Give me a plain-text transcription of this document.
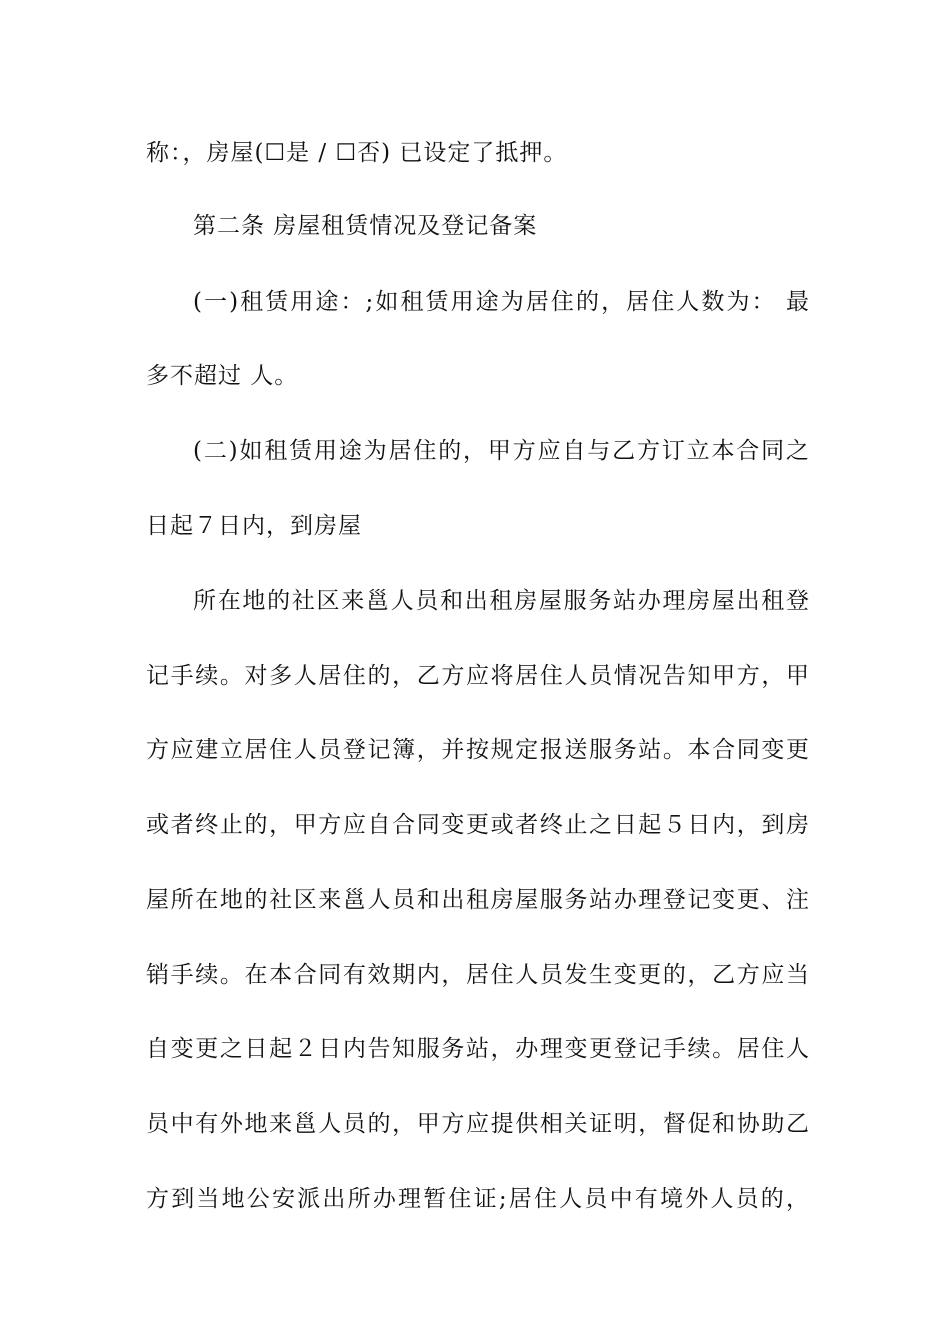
称：，房屋(☐是 / ☐否) 已设定了抵押。
第二条 房屋租赁情况及登记备案
(一)租赁用途：;如租赁用途为居住的，居住人数为： 最
多不超过 人。
(二)如租赁用途为居住的，甲方应自与乙方订立本合同之
日起７日内，到房屋
所在地的社区来邕人员和出租房屋服务站办理房屋出租登
记手续。对多人居住的，乙方应将居住人员情况告知甲方，甲
方应建立居住人员登记簿，并按规定报送服务站。本合同变更
或者终止的，甲方应自合同变更或者终止之日起５日内，到房
屋所在地的社区来邕人员和出租房屋服务站办理登记变更、注
销手续。在本合同有效期内，居住人员发生变更的，乙方应当
自变更之日起２日内告知服务站，办理变更登记手续。居住人
员中有外地来邕人员的，甲方应提供相关证明，督促和协助乙
方到当地公安派出所办理暂住证;居住人员中有境外人员的，
